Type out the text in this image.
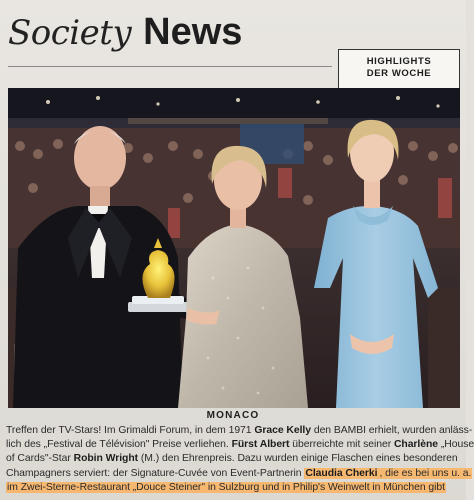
Society News
HIGHLIGHTS DER WOCHE
MONACO
Treffen der TV-Stars! Im Grimaldi Forum, in dem 1971 Grace Kelly den BAMBI erhielt, wurden anläss-
lich des „Festival de Télévision" Preise verliehen. Fürst Albert überreichte mit seiner Charlène „House
of Cards"-Star Robin Wright (M.) den Ehrenpreis. Dazu wurden einige Flaschen eines besonderen
Champagners serviert: der Signature-Cuvée von Event-Partnerin Claudia Cherki , die es bei uns u. a.
im Zwei-Sterne-Restaurant „Douce Steiner" in Sulzburg und in Philip's Weinwelt in München gibt
